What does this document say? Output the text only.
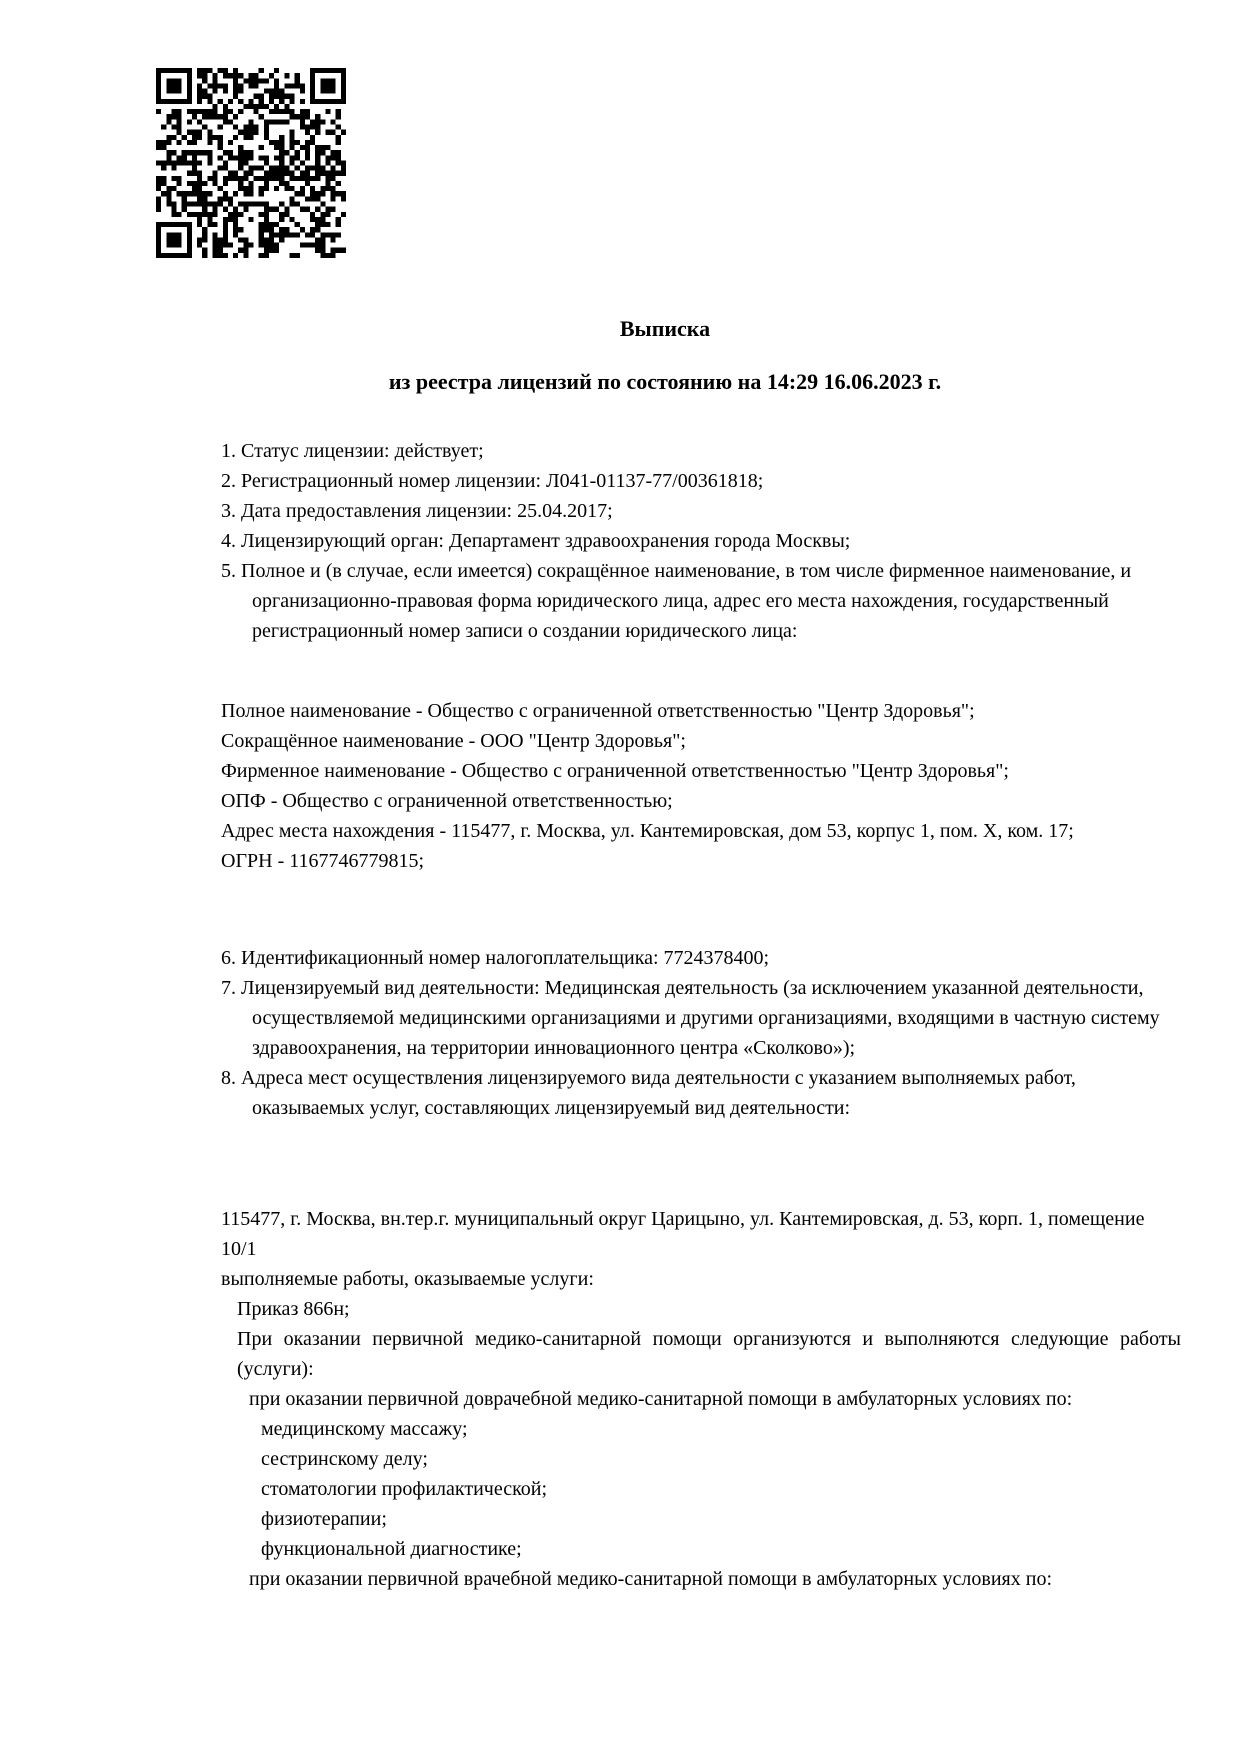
Выписка
из реестра лицензий по состоянию на 14:29 16.06.2023 г.
1. Статус лицензии: действует;
2. Регистрационный номер лицензии: Л041-01137-77/00361818;
3. Дата предоставления лицензии: 25.04.2017;
4. Лицензирующий орган: Департамент здравоохранения города Москвы;
5. Полное и (в случае, если имеется) сокращённое наименование, в том числе фирменное наименование, и организационно-правовая форма юридического лица, адрес его места нахождения, государственный регистрационный номер записи о создании юридического лица:
Полное наименование - Общество с ограниченной ответственностью "Центр Здоровья";
Сокращённое наименование - ООО "Центр Здоровья";
Фирменное наименование - Общество с ограниченной ответственностью "Центр Здоровья";
ОПФ - Общество с ограниченной ответственностью;
Адрес места нахождения - 115477, г. Москва, ул. Кантемировская, дом 53, корпус 1, пом. Х, ком. 17;
ОГРН - 1167746779815;
6. Идентификационный номер налогоплательщика: 7724378400;
7. Лицензируемый вид деятельности: Медицинская деятельность (за исключением указанной деятельности, осуществляемой медицинскими организациями и другими организациями, входящими в частную систему здравоохранения, на территории инновационного центра «Сколково»);
8. Адреса мест осуществления лицензируемого вида деятельности с указанием выполняемых работ, оказываемых услуг, составляющих лицензируемый вид деятельности:
115477, г. Москва, вн.тер.г. муниципальный округ Царицыно, ул. Кантемировская, д. 53, корп. 1, помещение 10/1
выполняемые работы, оказываемые услуги:
Приказ 866н;
При оказании первичной медико-санитарной помощи организуются и выполняются следующие работы (услуги):
при оказании первичной доврачебной медико-санитарной помощи в амбулаторных условиях по:
медицинскому массажу;
сестринскому делу;
стоматологии профилактической;
физиотерапии;
функциональной диагностике;
при оказании первичной врачебной медико-санитарной помощи в амбулаторных условиях по:
